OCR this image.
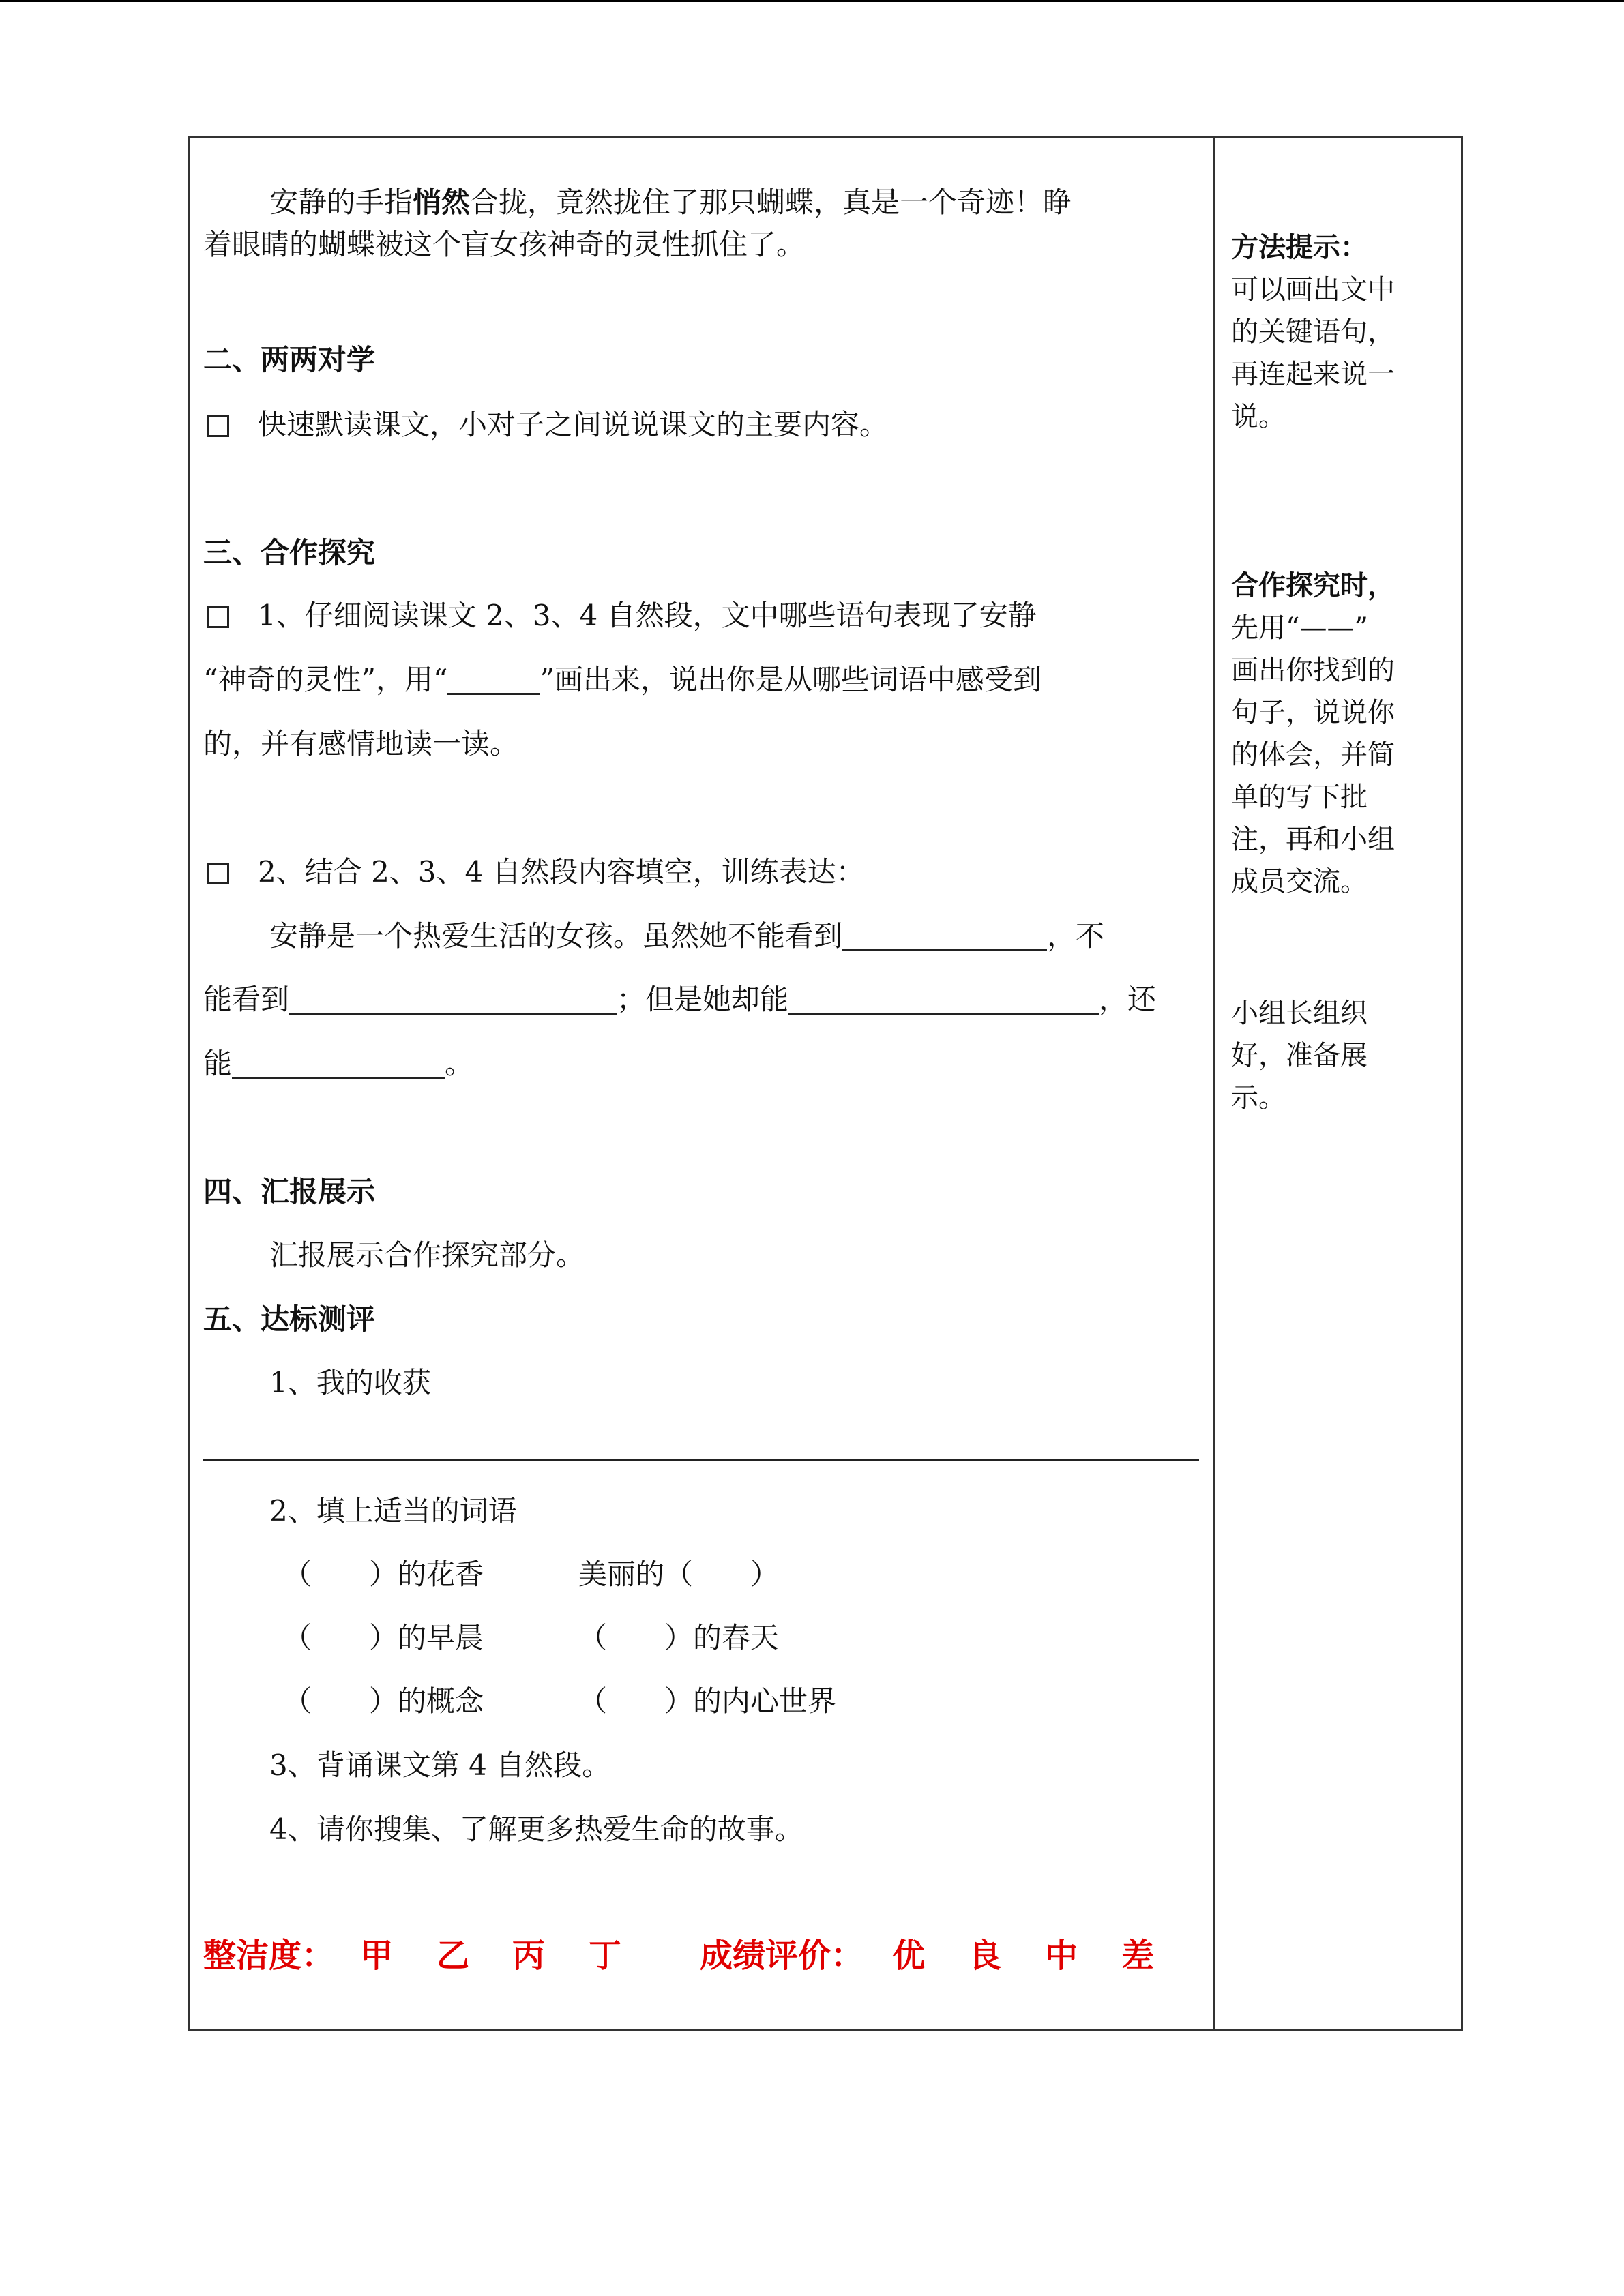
安静的手指悄然合拢，竟然拢住了那只蝴蝶，真是一个奇迹！睁
着眼睛的蝴蝶被这个盲女孩神奇的灵性抓住了。
二、两两对学
 快速默读课文，小对子之间说说课文的主要内容。
三、合作探究
 1、仔细阅读课文 2、3、4 自然段，文中哪些语句表现了安静
“神奇的灵性”，用“	”画出来，说出你是从哪些词语中感受到
的，并有感情地读一读。
 2、结合 2、3、4 自然段内容填空，训练表达：
安静是一个热爱生活的女孩。虽然她不能看到	，不
能看到	；但是她却能	，还
能	。
四、汇报展示
汇报展示合作探究部分。
五、达标测评
1、我的收获
2、填上适当的词语
（　　）的花香	美丽的（　　）
（　　）的早晨	（　　）的春天
（　　）的概念	（　　）的内心世界
3、背诵课文第 4 自然段。
4、请你搜集、了解更多热爱生命的故事。
整洁度： 甲 乙 丙 丁 成绩评价： 优 良 中 差
方法提示：
可以画出文中
的关键语句，
再连起来说一
说。
合作探究时，
先用“——”
画出你找到的
句子，说说你
的体会，并简
单的写下批
注，再和小组
成员交流。
小组长组织
好，准备展
示。
